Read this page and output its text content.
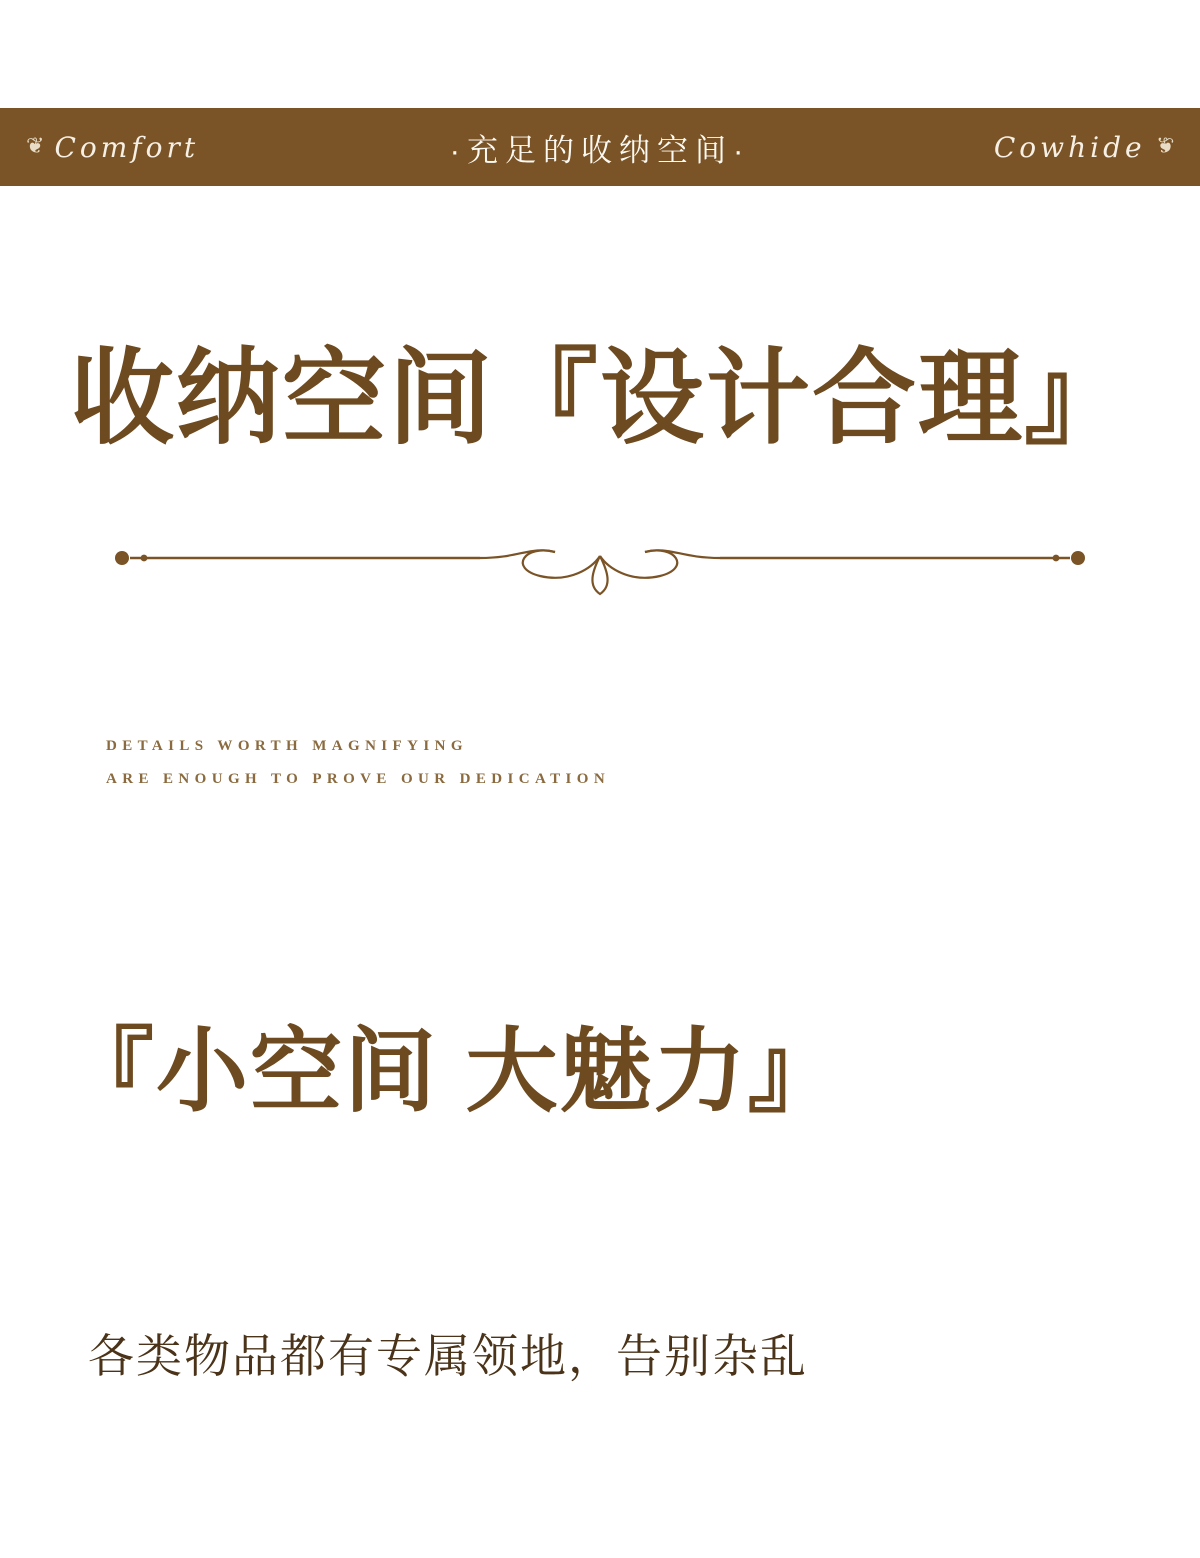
❦ Comfort	·充足的收纳空间·	Cowhide ❦
收纳空间『设计合理』
DETAILS WORTH MAGNIFYING
ARE ENOUGH TO PROVE OUR DEDICATION
『小空间 大魅力』
各类物品都有专属领地，告别杂乱
